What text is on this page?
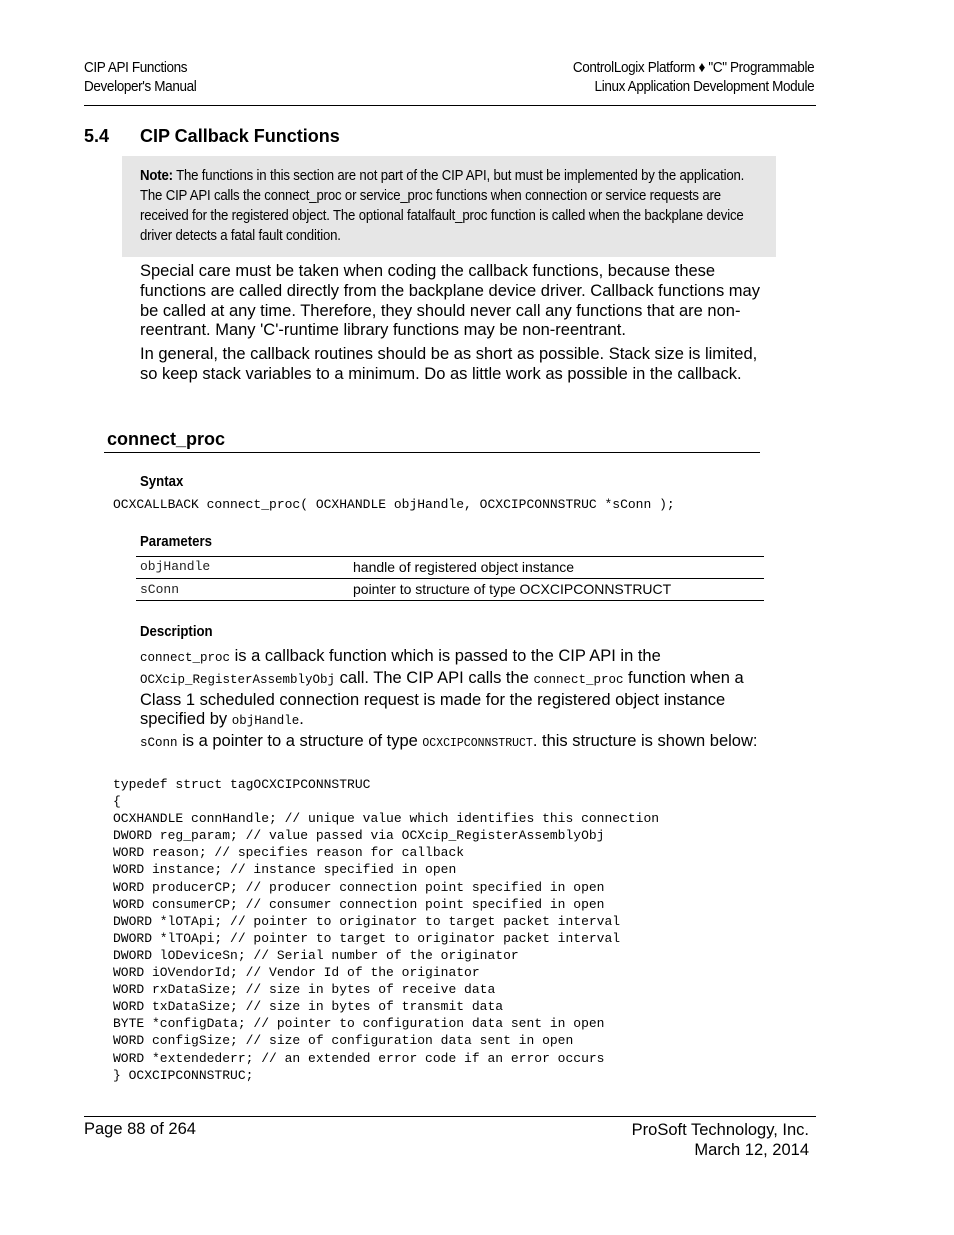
CIP API Functions
Developer's Manual
ControlLogix Platform ♦ "C" Programmable
Linux Application Development Module
5.4 CIP Callback Functions
Note: The functions in this section are not part of the CIP API, but must be implemented by the application. The CIP API calls the connect_proc or service_proc functions when connection or service requests are received for the registered object. The optional fatalfault_proc function is called when the backplane device driver detects a fatal fault condition.
Special care must be taken when coding the callback functions, because these functions are called directly from the backplane device driver. Callback functions may be called at any time. Therefore, they should never call any functions that are non-reentrant. Many 'C'-runtime library functions may be non-reentrant.
In general, the callback routines should be as short as possible. Stack size is limited, so keep stack variables to a minimum. Do as little work as possible in the callback.
connect_proc
Syntax
OCXCALLBACK connect_proc( OCXHANDLE objHandle, OCXCIPCONNSTRUC *sConn );
Parameters
objHandle	handle of registered object instance
sConn	pointer to structure of type OCXCIPCONNSTRUCT
Description
connect_proc is a callback function which is passed to the CIP API in the
OCXcip_RegisterAssemblyObj call. The CIP API calls the connect_proc function when a Class 1 scheduled connection request is made for the registered object instance specified by objHandle.
sConn is a pointer to a structure of type OCXCIPCONNSTRUCT. this structure is shown below:
typedef struct tagOCXCIPCONNSTRUC
{
OCXHANDLE connHandle; // unique value which identifies this connection
DWORD reg_param; // value passed via OCXcip_RegisterAssemblyObj
WORD reason; // specifies reason for callback
WORD instance; // instance specified in open
WORD producerCP; // producer connection point specified in open
WORD consumerCP; // consumer connection point specified in open
DWORD *lOTApi; // pointer to originator to target packet interval
DWORD *lTOApi; // pointer to target to originator packet interval
DWORD lODeviceSn; // Serial number of the originator
WORD iOVendorId; // Vendor Id of the originator
WORD rxDataSize; // size in bytes of receive data
WORD txDataSize; // size in bytes of transmit data
BYTE *configData; // pointer to configuration data sent in open
WORD configSize; // size of configuration data sent in open
WORD *extendederr; // an extended error code if an error occurs
} OCXCIPCONNSTRUC;
Page 88 of 264	ProSoft Technology, Inc.
March 12, 2014
